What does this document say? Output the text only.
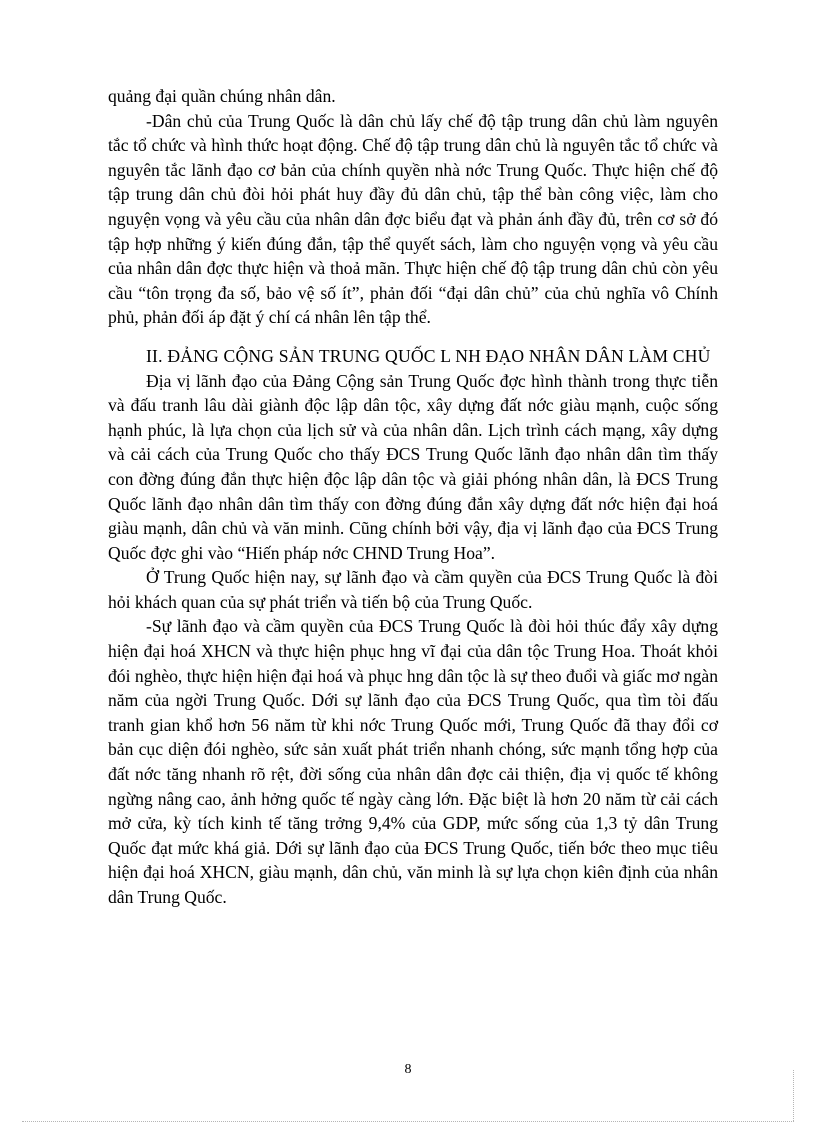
quảng đại quần chúng nhân dân.

-Dân chủ của Trung Quốc là dân chủ lấy chế độ tập trung dân chủ làm nguyên tắc tổ chức và hình thức hoạt động. Chế độ tập trung dân chủ là nguyên tắc tổ chức và nguyên tắc lãnh đạo cơ bản của chính quyền nhà nớc Trung Quốc. Thực hiện chế độ tập trung dân chủ đòi hỏi phát huy đầy đủ dân chủ, tập thể bàn công việc, làm cho nguyện vọng và yêu cầu của nhân dân đợc biểu đạt và phản ánh đầy đủ, trên cơ sở đó tập hợp những ý kiến đúng đắn, tập thể quyết sách, làm cho nguyện vọng và yêu cầu của nhân dân đợc thực hiện và thoả mãn. Thực hiện chế độ tập trung dân chủ còn yêu cầu “tôn trọng đa số, bảo vệ số ít”, phản đối “đại dân chủ” của chủ nghĩa vô Chính phủ, phản đối áp đặt ý chí cá nhân lên tập thể.

II. ĐẢNG CỘNG SẢN TRUNG QUỐC L NH ĐẠO NHÂN DÂN LÀM CHỦ

Địa vị lãnh đạo của Đảng Cộng sản Trung Quốc đợc hình thành trong thực tiễn và đấu tranh lâu dài giành độc lập dân tộc, xây dựng đất nớc giàu mạnh, cuộc sống hạnh phúc, là lựa chọn của lịch sử và của nhân dân. Lịch trình cách mạng, xây dựng và cải cách của Trung Quốc cho thấy ĐCS Trung Quốc lãnh đạo nhân dân tìm thấy con đờng đúng đắn thực hiện độc lập dân tộc và giải phóng nhân dân, là ĐCS Trung Quốc lãnh đạo nhân dân tìm thấy con đờng đúng đắn xây dựng đất nớc hiện đại hoá giàu mạnh, dân chủ và văn minh. Cũng chính bởi vậy, địa vị lãnh đạo của ĐCS Trung Quốc đợc ghi vào “Hiến pháp nớc CHND Trung Hoa”.

Ở Trung Quốc hiện nay, sự lãnh đạo và cầm quyền của ĐCS Trung Quốc là đòi hỏi khách quan của sự phát triển và tiến bộ của Trung Quốc.

-Sự lãnh đạo và cầm quyền của ĐCS Trung Quốc là đòi hỏi thúc đẩy xây dựng hiện đại hoá XHCN và thực hiện phục hng vĩ đại của dân tộc Trung Hoa. Thoát khỏi đói nghèo, thực hiện hiện đại hoá và phục hng dân tộc là sự theo đuổi và giấc mơ ngàn năm của ngời Trung Quốc. Dới sự lãnh đạo của ĐCS Trung Quốc, qua tìm tòi đấu tranh gian khổ hơn 56 năm từ khi nớc Trung Quốc mới, Trung Quốc đã thay đổi cơ bản cục diện đói nghèo, sức sản xuất phát triển nhanh chóng, sức mạnh tổng hợp của đất nớc tăng nhanh rõ rệt, đời sống của nhân dân đợc cải thiện, địa vị quốc tế không ngừng nâng cao, ảnh hởng quốc tế ngày càng lớn. Đặc biệt là hơn 20 năm từ cải cách mở cửa, kỳ tích kinh tế tăng trởng 9,4% của GDP, mức sống của 1,3 tỷ dân Trung Quốc đạt mức khá giả. Dới sự lãnh đạo của ĐCS Trung Quốc, tiến bớc theo mục tiêu hiện đại hoá XHCN, giàu mạnh, dân chủ, văn minh là sự lựa chọn kiên định của nhân dân Trung Quốc.

8
